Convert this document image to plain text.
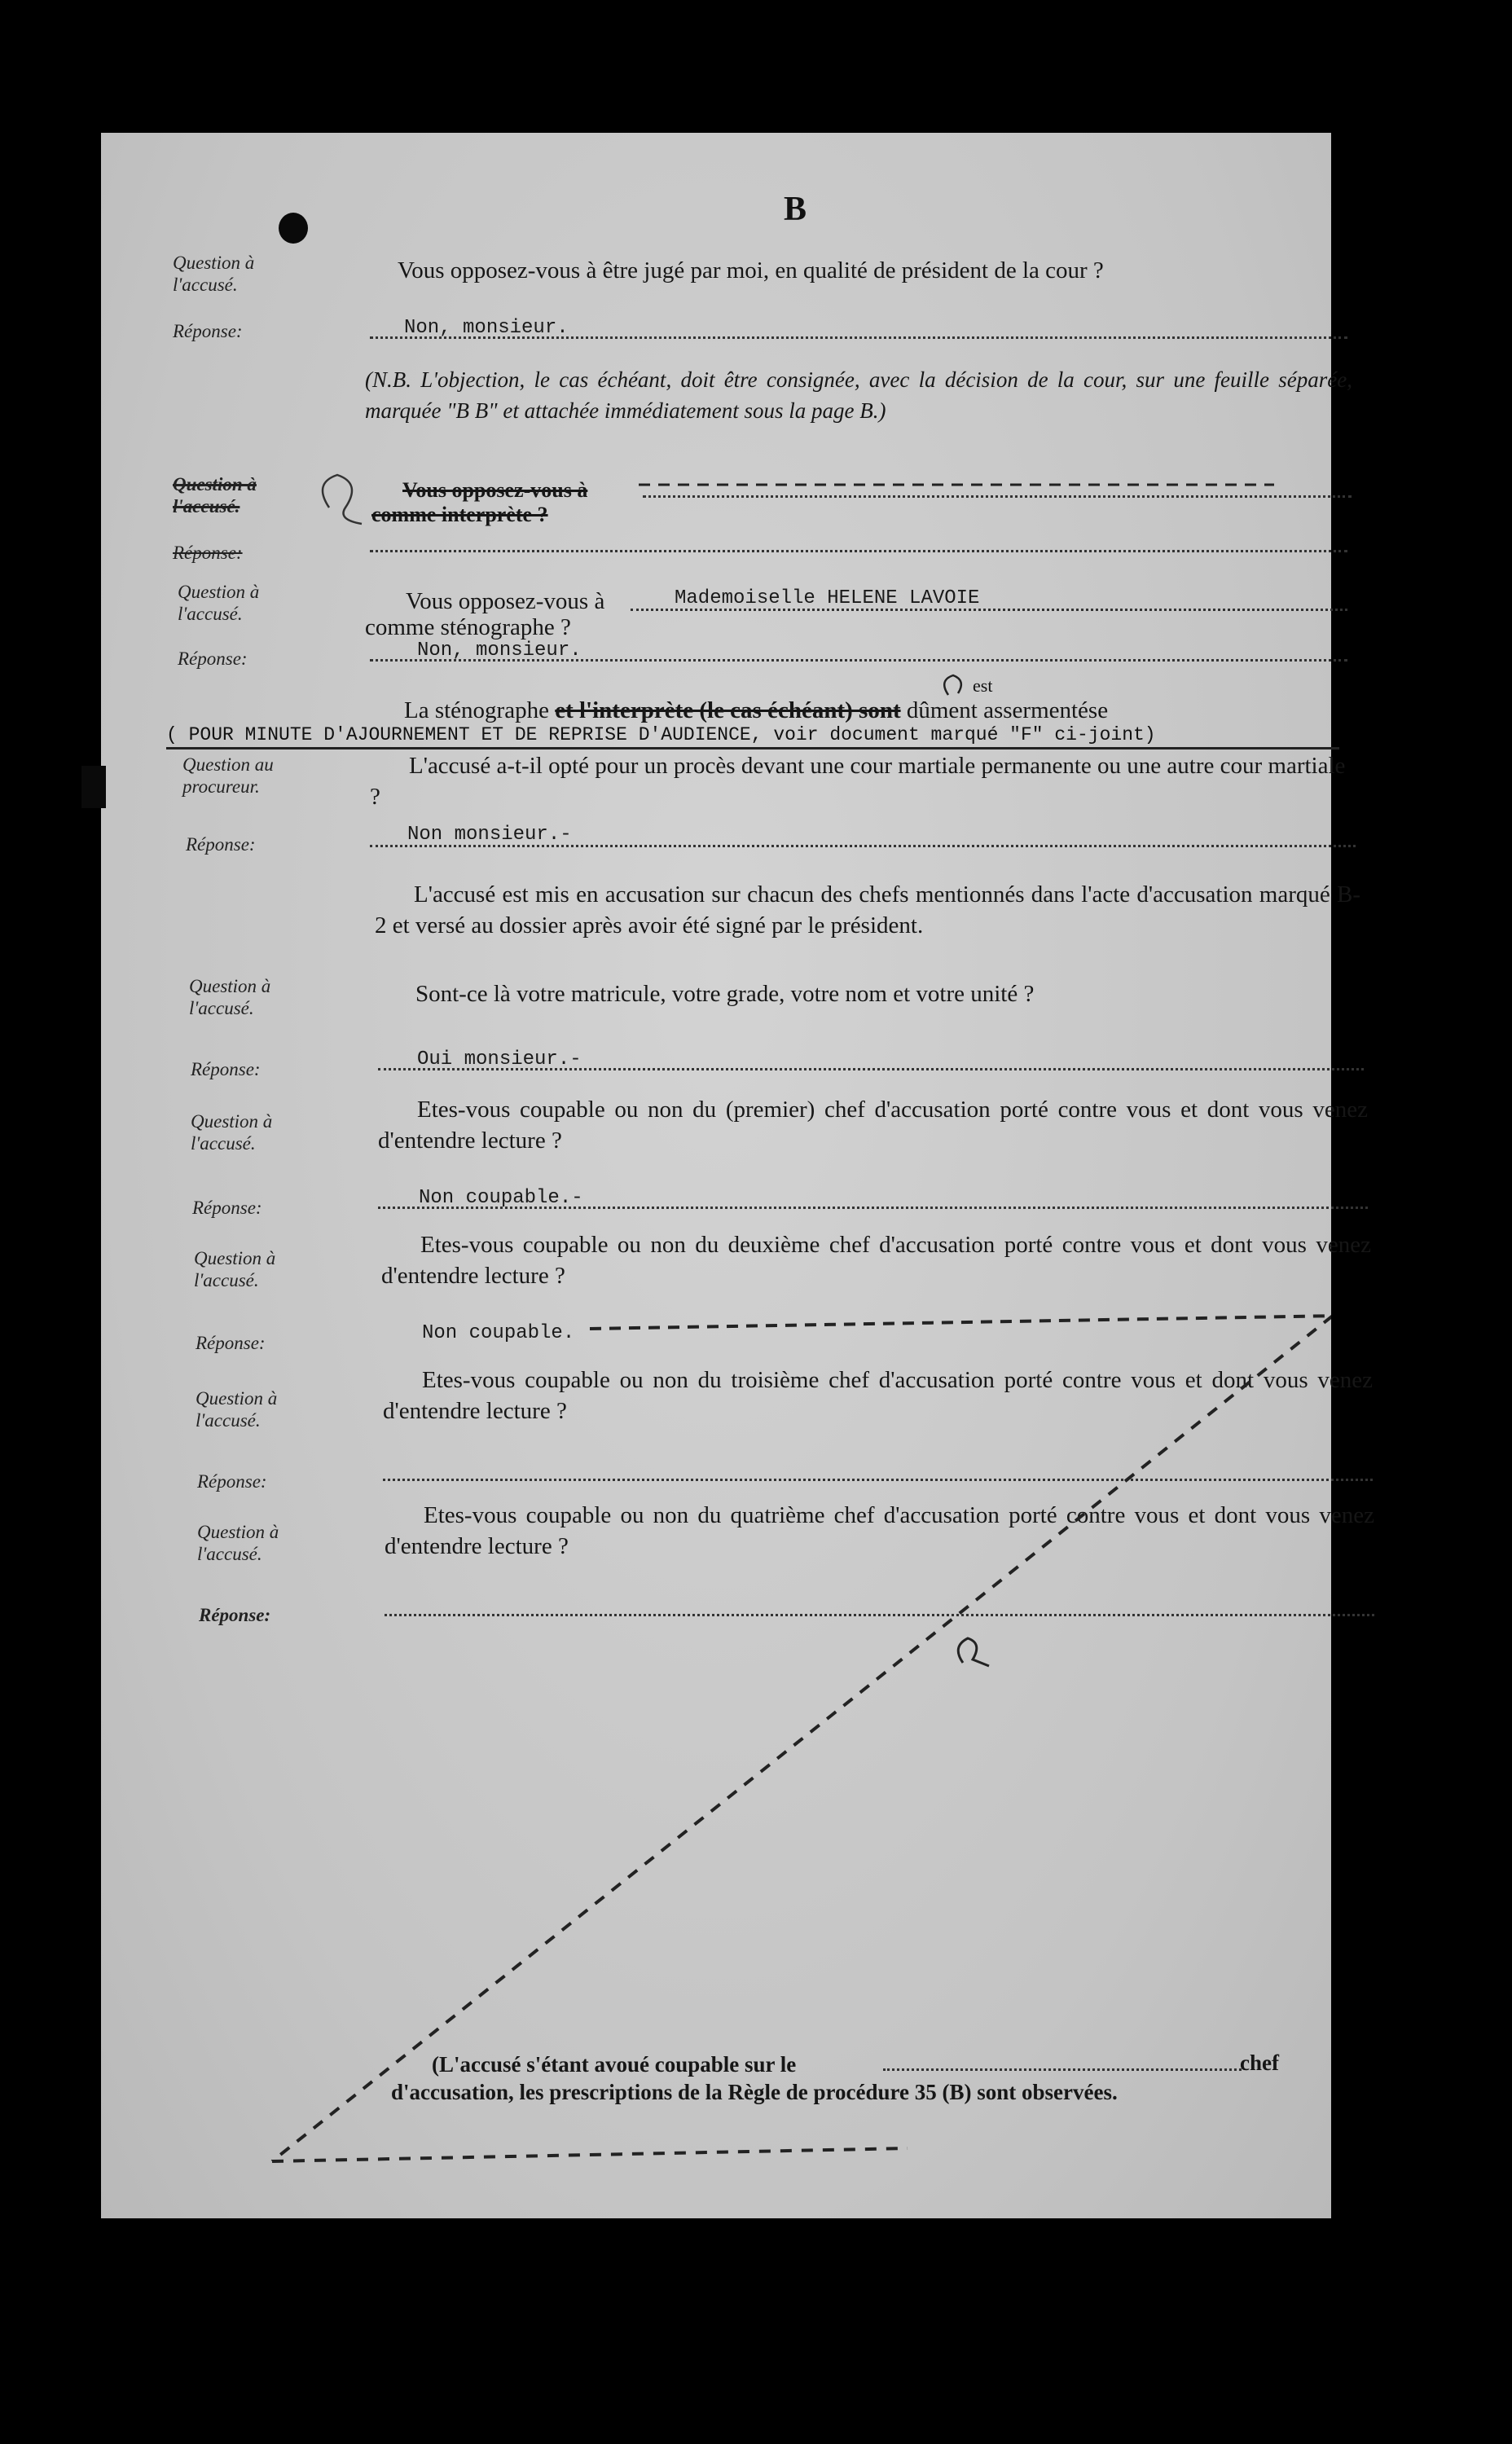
B
Question à l'accusé.
Vous opposez-vous à être jugé par moi, en qualité de président de la cour ?
Réponse:	Non, monsieur.
(N.B. L'objection, le cas échéant, doit être consignée, avec la décision de la cour, sur une feuille séparée, marquée "B B" et attachée immédiatement sous la page B.)
Question à l'accusé.
Vous opposez-vous à
comme interprète ?
Réponse:
Question à l'accusé.	Vous opposez-vous à	Mademoiselle HELENE LAVOIE
comme sténographe ?
Réponse:	Non, monsieur.
La sténographe et l'interprète (le cas échéant) sont dûment assermentése
est
( POUR MINUTE D'AJOURNEMENT ET DE REPRISE D'AUDIENCE, voir document marqué "F" ci-joint)
Question au procureur.
L'accusé a-t-il opté pour un procès devant une cour martiale permanente ou une autre cour martiale ?
Réponse:	Non monsieur.-
L'accusé est mis en accusation sur chacun des chefs mentionnés dans l'acte d'accusation marqué B-2 et versé au dossier après avoir été signé par le président.
Question à l'accusé.
Sont-ce là votre matricule, votre grade, votre nom et votre unité ?
Réponse:	Oui monsieur.-
Question à l'accusé.
Etes-vous coupable ou non du (premier) chef d'accusation porté contre vous et dont vous venez d'entendre lecture ?
Réponse:	Non coupable.-
Question à l'accusé.
Etes-vous coupable ou non du deuxième chef d'accusation porté contre vous et dont vous venez d'entendre lecture ?
Réponse:	Non coupable.
Question à l'accusé.
Etes-vous coupable ou non du troisième chef d'accusation porté contre vous et dont vous venez d'entendre lecture ?
Réponse:
Question à l'accusé.
Etes-vous coupable ou non du quatrième chef d'accusation porté contre vous et dont vous venez d'entendre lecture ?
Réponse:
(L'accusé s'étant avoué coupable sur le	chef
d'accusation, les prescriptions de la Règle de procédure 35 (B) sont observées.
